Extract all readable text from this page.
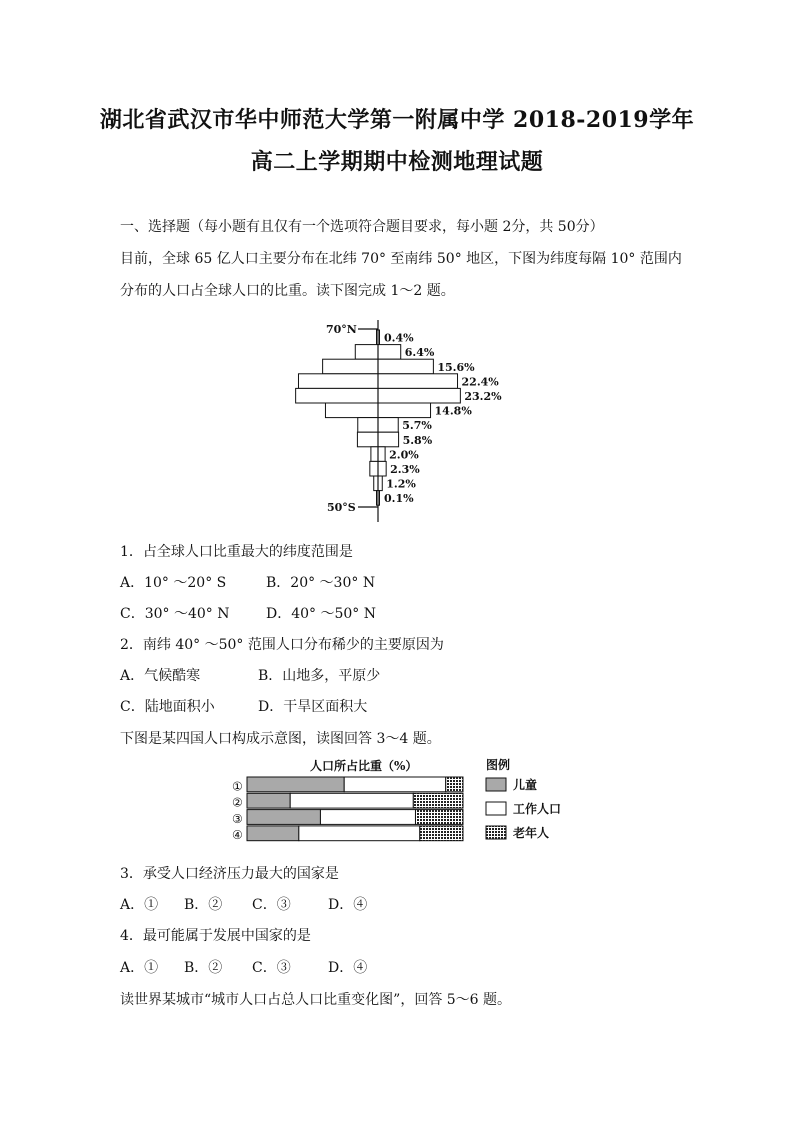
湖北省武汉市华中师范大学第一附属中学 2018-2019学年
高二上学期期中检测地理试题
一、选择题（每小题有且仅有一个选项符合题目要求，每小题 2分，共 50分）
目前，全球 65 亿人口主要分布在北纬 70° 至南纬 50° 地区，下图为纬度每隔 10° 范围内
分布的人口占全球人口的比重。读下图完成 1～2 题。
0.4%
6.4%
15.6%
22.4%
23.2%
14.8%
5.7%
5.8%
2.0%
2.3%
1.2%
0.1%
70°N
50°S
1．占全球人口比重最大的纬度范围是
A．10° ～20° S	B．20° ～30° N
C．30° ～40° N	D．40° ～50° N
2．南纬 40° ～50° 范围人口分布稀少的主要原因为
A．气候酷寒	B．山地多，平原少
C．陆地面积小	D．干旱区面积大
下图是某四国人口构成示意图，读图回答 3～4 题。
人口所占比重（%）
①
②
③
④
图例
儿童
工作人口
老年人
3．承受人口经济压力最大的国家是
A．① B．② C．③	D．④
4．最可能属于发展中国家的是
A．① B．② C．③	D．④
读世界某城市“城市人口占总人口比重变化图”，回答 5～6 题。
